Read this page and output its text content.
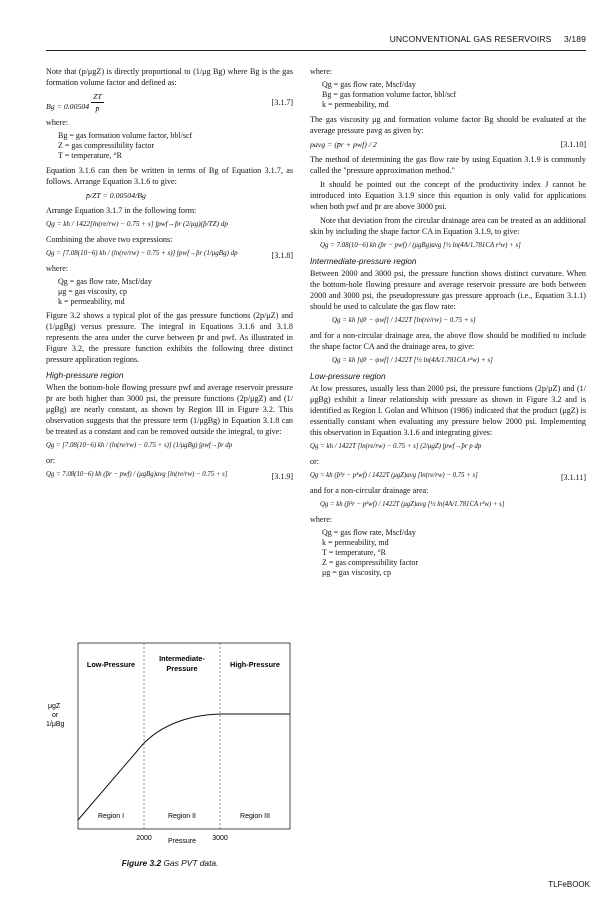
UNCONVENTIONAL GAS RESERVOIRS 3/189

Note that (p/μgZ) is directly proportional to (1/μg Bg) where Bg is the gas formation volume factor and defined as:

$Bg = 0.00504 \frac{ZT}{p̄}$	[3.1.7]

where:

Bg = gas formation volume factor, bbl/scf
Z = gas compressibility factor
T = temperature, °R

Equation 3.1.6 can then be written in terms of Bg of Equation 3.1.7, as follows. Arrange Equation 3.1.6 to give:

p̄/ZT = 0.00504/Bg

Arrange Equation 3.1.7 in the following form:

Qg = kh / 1422[ln(re/rw) − 0.75 + s] ∫pwf→p̄r (2/μg)(p̄/TZ) dp

Combining the above two expressions:

Qg = [7.08(10−6) kh / (ln(re/rw) − 0.75 + s)] ∫pwf→p̄r (1/μgBg) dp	[3.1.8]

where:

Qg = gas flow rate, Mscf/day
μg = gas viscosity, cp
k = permeability, md

Figure 3.2 shows a typical plot of the gas pressure functions (2p/μZ) and (1/μgBg) versus pressure. The integral in Equations 3.1.6 and 3.1.8 represents the area under the curve between p̄r and pwf. As illustrated in Figure 3.2, the pressure function exhibits the following three distinct pressure application regions.

High-pressure region

When the bottom-hole flowing pressure pwf and average reservoir pressure p̄r are both higher than 3000 psi, the pressure functions (2p/μgZ) and (1/μgBg) are nearly constant, as shown by Region III in Figure 3.2. This observation suggests that the pressure term (1/μgBg) in Equation 3.1.8 can be treated as a constant and can be removed outside the integral, to give:

Qg = [7.08(10−6) kh / (ln(re/rw) − 0.75 + s)] (1/μgBg) ∫pwf→p̄r dp

or:

Qg = 7.08(10−6) kh (p̄r − pwf) / (μgBg)avg [ln(re/rw) − 0.75 + s]	[3.1.9]
Low-Pressure
Intermediate-
Pressure	High-Pressure
μgZ
or
1/μBg
Region I	Region II	Region III
2000 Pressure 3000
Figure 3.2 Gas PVT data.

where:

Qg = gas flow rate, Mscf/day
Bg = gas formation volume factor, bbl/scf
k = permeability, md

The gas viscosity μg and formation volume factor Bg should be evaluated at the average pressure pavg as given by:

pavg = (p̄r + pwf) / 2	[3.1.10]

The method of determining the gas flow rate by using Equation 3.1.9 is commonly called the "pressure approximation method."

It should be pointed out the concept of the productivity index J cannot be introduced into Equation 3.1.9 since this equation is only valid for applications when both pwf and p̄r are above 3000 psi.

Note that deviation from the circular drainage area can be treated as an additional skin by including the shape factor CA in Equation 3.1.9, to give:

Qg = 7.08(10−6) kh (p̄r − pwf) / (μgBg)avg [½ ln(4A/1.781CA r²w) + s]
Intermediate-pressure region

Between 2000 and 3000 psi, the pressure function shows distinct curvature. When the bottom-hole flowing pressure and average reservoir pressure are both between 2000 and 3000 psi, the pseudopressure gas pressure approach (i.e., Equation 3.1.1) should be used to calculate the gas flow rate:

Qg = kh [ψ̄r − ψwf] / 1422T [ln(re/rw) − 0.75 + s]

and for a non-circular drainage area, the above flow should be modified to include the shape factor CA and the drainage area, to give:

Qg = kh [ψ̄r − ψwf] / 1422T [½ ln(4A/1.781CA r²w) + s]
Low-pressure region

At low pressures, usually less than 2000 psi, the pressure functions (2p/μZ) and (1/μgBg) exhibit a linear relationship with pressure as shown in Figure 3.2 and is identified as Region I. Golan and Whitson (1986) indicated that the product (μgZ) is essentially constant when evaluating any pressure below 2000 psi. Implementing this observation in Equation 3.1.6 and integrating gives:

Qg = kh / 1422T [ln(re/rw) − 0.75 + s] (2/μgZ) ∫pwf→p̄r p dp

or:

Qg = kh (p̄²r − p²wf) / 1422T (μgZ)avg [ln(re/rw) − 0.75 + s]	[3.1.11]

and for a non-circular drainage area:

Qg = kh (p̄²r − p²wf) / 1422T (μgZ)avg [½ ln(4A/1.781CA r²w) + s]

where:

Qg = gas flow rate, Mscf/day
k = permeability, md
T = temperature, °R
Z = gas compressibility factor
μg = gas viscosity, cp
TLFeBOOK
